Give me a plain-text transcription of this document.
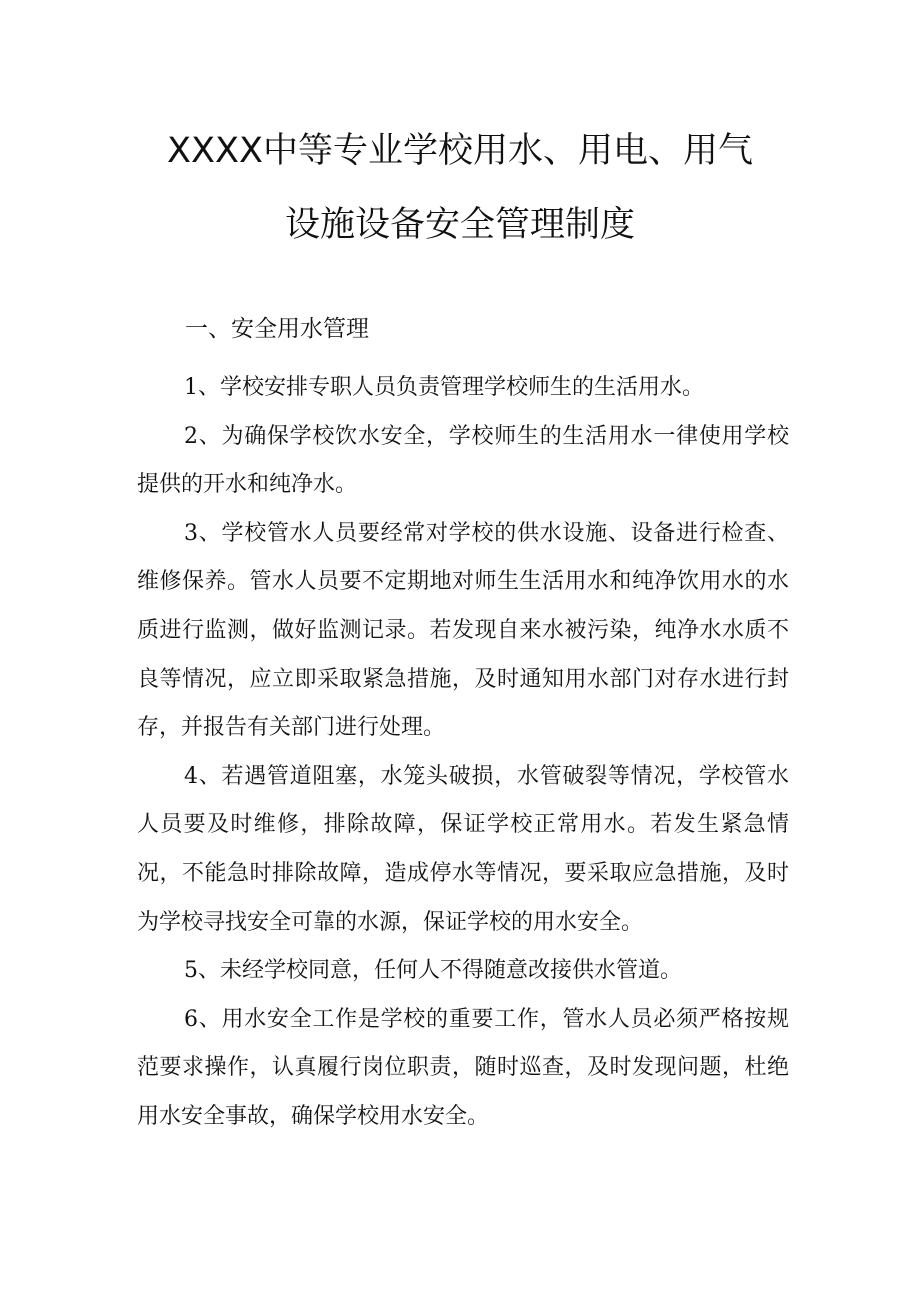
XXXX中等专业学校用水、用电、用气
设施设备安全管理制度
一、安全用水管理

1、学校安排专职人员负责管理学校师生的生活用水。

2、为确保学校饮水安全，学校师生的生活用水一律使用学校提供的开水和纯净水。

3、学校管水人员要经常对学校的供水设施、设备进行检查、维修保养。管水人员要不定期地对师生生活用水和纯净饮用水的水质进行监测，做好监测记录。若发现自来水被污染，纯净水水质不良等情况，应立即采取紧急措施，及时通知用水部门对存水进行封存，并报告有关部门进行处理。

4、若遇管道阻塞，水笼头破损，水管破裂等情况，学校管水人员要及时维修，排除故障，保证学校正常用水。若发生紧急情况，不能急时排除故障，造成停水等情况，要采取应急措施，及时为学校寻找安全可靠的水源，保证学校的用水安全。

5、未经学校同意，任何人不得随意改接供水管道。

6、用水安全工作是学校的重要工作，管水人员必须严格按规范要求操作，认真履行岗位职责，随时巡查，及时发现问题，杜绝用水安全事故，确保学校用水安全。
